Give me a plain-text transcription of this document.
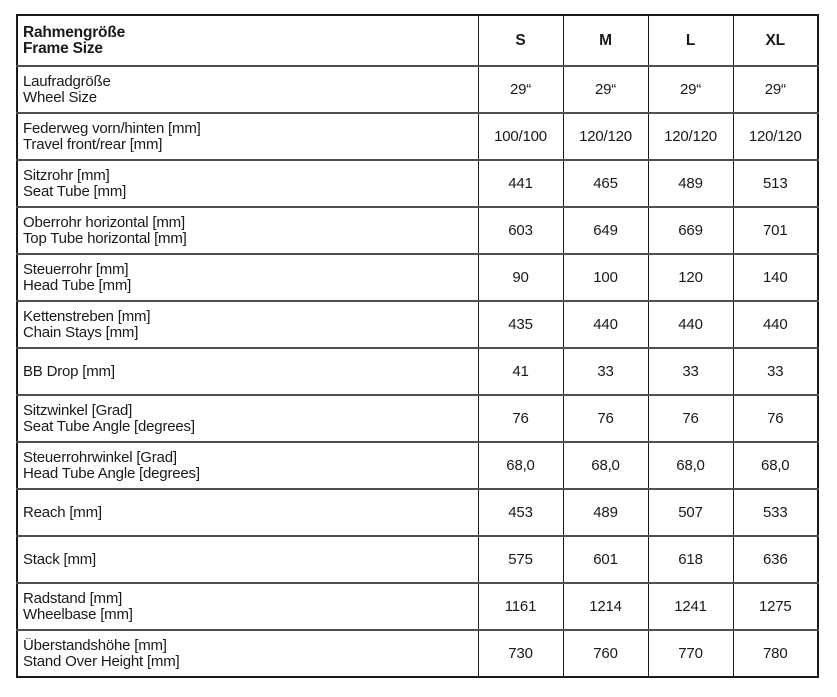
Rahmengröße
Frame Size	S	M	L	XL

Laufradgröße
Wheel Size	29“	29“	29“	29“

Federweg vorn/hinten [mm]
Travel front/rear [mm]	100/100	120/120	120/120	120/120

Sitzrohr [mm]
Seat Tube [mm]	441	465	489	513

Oberrohr horizontal [mm]
Top Tube horizontal [mm]	603	649	669	701

Steuerrohr [mm]
Head Tube [mm]	90	100	120	140

Kettenstreben [mm]
Chain Stays [mm]	435	440	440	440

BB Drop [mm]	41	33	33	33

Sitzwinkel [Grad]
Seat Tube Angle [degrees]	76	76	76	76

Steuerrohrwinkel [Grad]
Head Tube Angle [degrees]	68,0	68,0	68,0	68,0

Reach [mm]	453	489	507	533

Stack [mm]	575	601	618	636

Radstand [mm]
Wheelbase [mm]	1161	1214	1241	1275

Überstandshöhe [mm]
Stand Over Height [mm]	730	760	770	780
